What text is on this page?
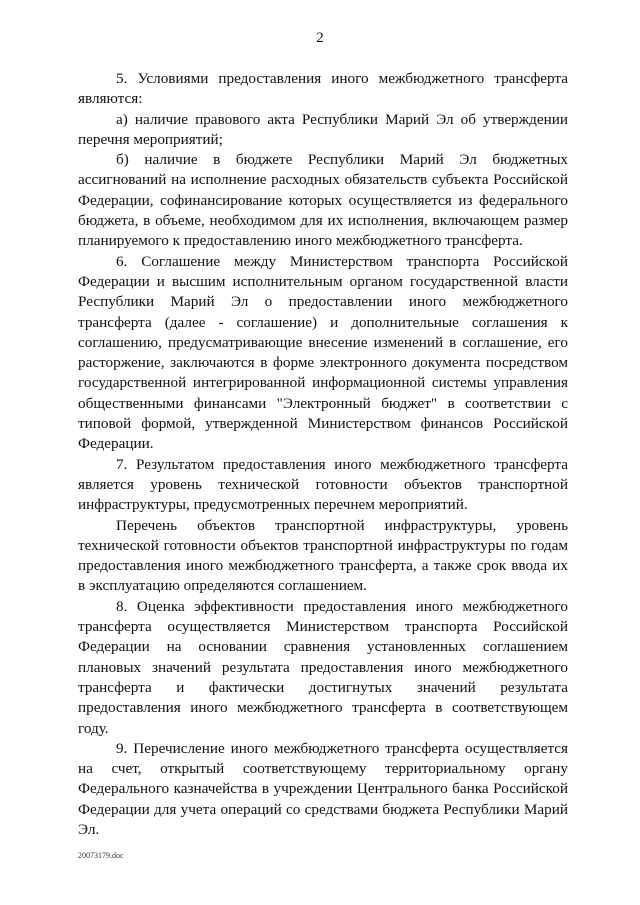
2

5. Условиями предоставления иного межбюджетного трансферта являются:

а) наличие правового акта Республики Марий Эл об утверждении перечня мероприятий;

б) наличие в бюджете Республики Марий Эл бюджетных ассигнований на исполнение расходных обязательств субъекта Российской Федерации, софинансирование которых осуществляется из федерального бюджета, в объеме, необходимом для их исполнения, включающем размер планируемого к предоставлению иного межбюджетного трансферта.

6. Соглашение между Министерством транспорта Российской Федерации и высшим исполнительным органом государственной власти Республики Марий Эл о предоставлении иного межбюджетного трансферта (далее - соглашение) и дополнительные соглашения к соглашению, предусматривающие внесение изменений в соглашение, его расторжение, заключаются в форме электронного документа посредством государственной интегрированной информационной системы управления общественными финансами "Электронный бюджет" в соответствии с типовой формой, утвержденной Министерством финансов Российской Федерации.

7. Результатом предоставления иного межбюджетного трансферта является уровень технической готовности объектов транспортной инфраструктуры, предусмотренных перечнем мероприятий.

Перечень объектов транспортной инфраструктуры, уровень технической готовности объектов транспортной инфраструктуры по годам предоставления иного межбюджетного трансферта, а также срок ввода их в эксплуатацию определяются соглашением.

8. Оценка эффективности предоставления иного межбюджетного трансферта осуществляется Министерством транспорта Российской Федерации на основании сравнения установленных соглашением плановых значений результата предоставления иного межбюджетного трансферта и фактически достигнутых значений результата предоставления иного межбюджетного трансферта в соответствующем году.

9. Перечисление иного межбюджетного трансферта осуществляется на счет, открытый соответствующему территориальному органу Федерального казначейства в учреждении Центрального банка Российской Федерации для учета операций со средствами бюджета Республики Марий Эл.

20073179.doc
